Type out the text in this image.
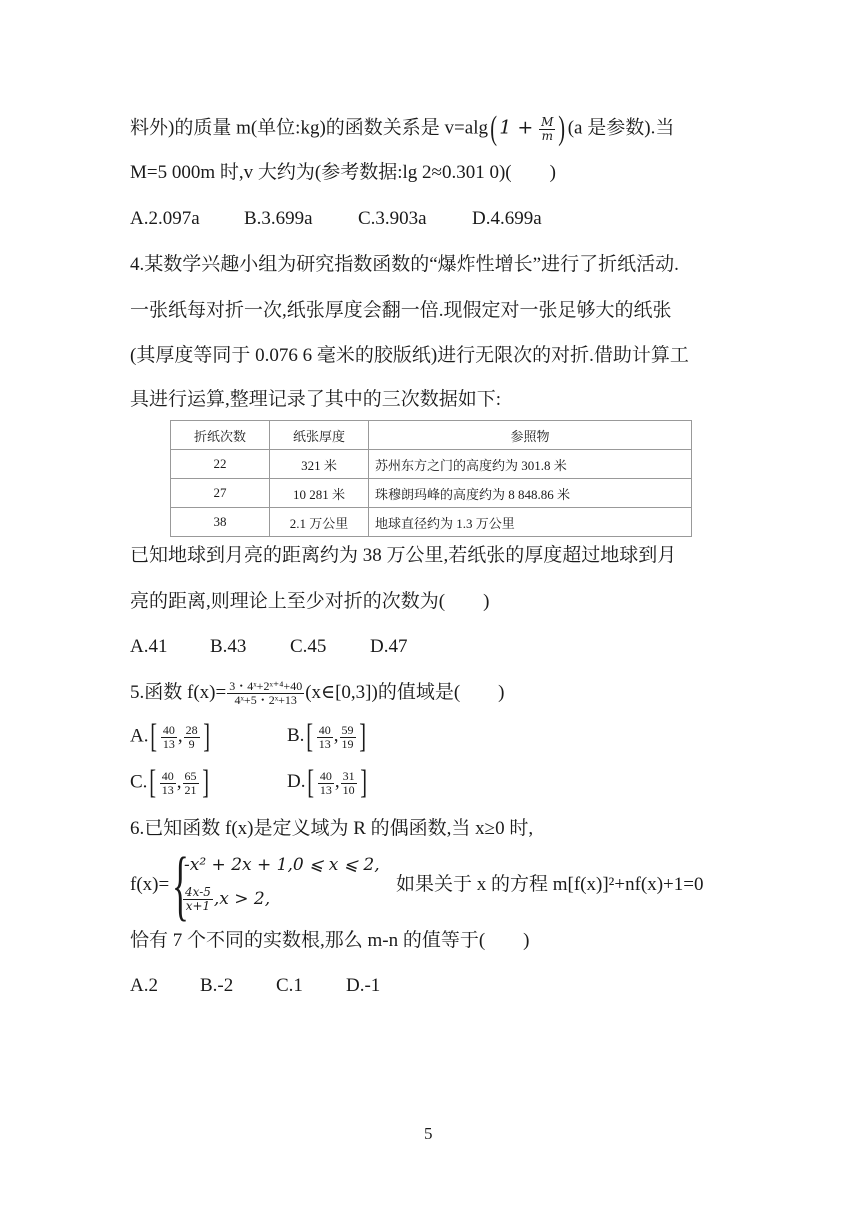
料外)的质量 m(单位:kg)的函数关系是 v=alg( $1 + \frac{M}{m}$ ) (a 是参数).当
M=5 000m 时,v 大约为(参考数据:lg 2≈0.301 0)(　　)
A.2.097a B.3.699a C.3.903a D.4.699a
4.某数学兴趣小组为研究指数函数的“爆炸性增长”进行了折纸活动.
一张纸每对折一次,纸张厚度会翻一倍.现假定对一张足够大的纸张
(其厚度等同于 0.076 6 毫米的胶版纸)进行无限次的对折.借助计算工
具进行运算,整理记录了其中的三次数据如下:
折纸次数	纸张厚度	参照物
22	321 米	苏州东方之门的高度约为 301.8 米
27	10 281 米	珠穆朗玛峰的高度约为 8 848.86 米
38	2.1 万公里	地球直径约为 1.3 万公里
已知地球到月亮的距离约为 38 万公里,若纸张的厚度超过地球到月
亮的距离,则理论上至少对折的次数为(　　)
A.41 B.43 C.45 D.47
5.函数 $f(x)= \frac{\text{3・4ˣ+2ˣ⁺⁴+40}}{\text{4ˣ+5・2ˣ+13}}$ (x∈[0,3])的值域是(　　)
$A.[ \frac{40}{13}$ , $\frac{28}{9}$ ]	$B.[ \frac{40}{13}$ , $\frac{59}{19}$ ]
$C.[ \frac{40}{13}$ , $\frac{65}{21}$ ]	$D.[ \frac{40}{13}$ , $\frac{31}{10}$ ]
6.已知函数 f(x)是定义域为 R 的偶函数,当 x≥0 时,
f(x)= {
-x² + 2x + 1,0 ⩽ x ⩽ 2,
$\frac{4x-5}{x+1} ,x > 2$,
如果关于 x 的方程 m[f(x)]²+nf(x)+1=0
恰有 7 个不同的实数根,那么 m-n 的值等于(　　)
A.2 B.-2 C.1 D.-1
5
